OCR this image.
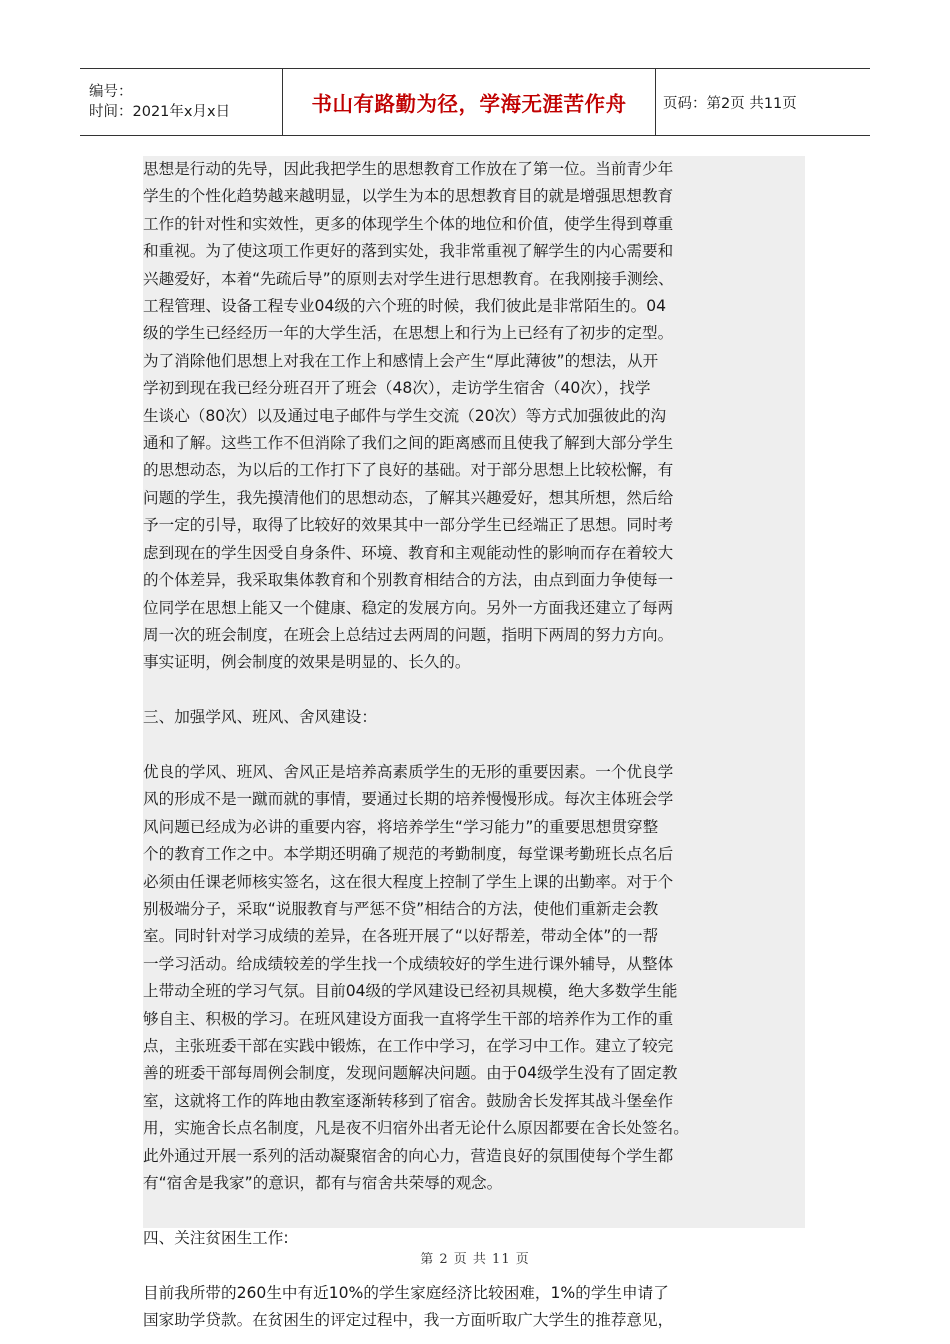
编号：
时间：2021年x月x日	书山有路勤为径，学海无涯苦作舟	页码：第2页 共11页

思想是行动的先导，因此我把学生的思想教育工作放在了第一位。当前青少年

学生的个性化趋势越来越明显，以学生为本的思想教育目的就是增强思想教育

工作的针对性和实效性，更多的体现学生个体的地位和价值，使学生得到尊重

和重视。为了使这项工作更好的落到实处，我非常重视了解学生的内心需要和

兴趣爱好，本着“先疏后导”的原则去对学生进行思想教育。在我刚接手测绘、

工程管理、设备工程专业04级的六个班的时候，我们彼此是非常陌生的。04

级的学生已经经历一年的大学生活，在思想上和行为上已经有了初步的定型。

为了消除他们思想上对我在工作上和感情上会产生“厚此薄彼”的想法，从开

学初到现在我已经分班召开了班会（48次），走访学生宿舍（40次），找学

生谈心（80次）以及通过电子邮件与学生交流（20次）等方式加强彼此的沟

通和了解。这些工作不但消除了我们之间的距离感而且使我了解到大部分学生

的思想动态，为以后的工作打下了良好的基础。对于部分思想上比较松懈，有

问题的学生，我先摸清他们的思想动态，了解其兴趣爱好，想其所想，然后给

予一定的引导，取得了比较好的效果其中一部分学生已经端正了思想。同时考

虑到现在的学生因受自身条件、环境、教育和主观能动性的影响而存在着较大

的个体差异，我采取集体教育和个别教育相结合的方法，由点到面力争使每一

位同学在思想上能又一个健康、稳定的发展方向。另外一方面我还建立了每两

周一次的班会制度，在班会上总结过去两周的问题，指明下两周的努力方向。

事实证明，例会制度的效果是明显的、长久的。

三、加强学风、班风、舍风建设：

优良的学风、班风、舍风正是培养高素质学生的无形的重要因素。一个优良学

风的形成不是一蹴而就的事情，要通过长期的培养慢慢形成。每次主体班会学

风问题已经成为必讲的重要内容，将培养学生“学习能力”的重要思想贯穿整

个的教育工作之中。本学期还明确了规范的考勤制度，每堂课考勤班长点名后

必须由任课老师核实签名，这在很大程度上控制了学生上课的出勤率。对于个

别极端分子，采取“说服教育与严惩不贷”相结合的方法，使他们重新走会教

室。同时针对学习成绩的差异，在各班开展了“以好帮差，带动全体”的一帮

一学习活动。给成绩较差的学生找一个成绩较好的学生进行课外辅导，从整体

上带动全班的学习气氛。目前04级的学风建设已经初具规模，绝大多数学生能

够自主、积极的学习。在班风建设方面我一直将学生干部的培养作为工作的重

点，主张班委干部在实践中锻炼，在工作中学习，在学习中工作。建立了较完

善的班委干部每周例会制度，发现问题解决问题。由于04级学生没有了固定教

室，这就将工作的阵地由教室逐渐转移到了宿舍。鼓励舍长发挥其战斗堡垒作

用，实施舍长点名制度，凡是夜不归宿外出者无论什么原因都要在舍长处签名。

此外通过开展一系列的活动凝聚宿舍的向心力，营造良好的氛围使每个学生都

有“宿舍是我家”的意识，都有与宿舍共荣辱的观念。

四、关注贫困生工作:

目前我所带的260生中有近10%的学生家庭经济比较困难，1%的学生申请了

国家助学贷款。在贫困生的评定过程中，我一方面听取广大学生的推荐意见，

第 2 页 共 11 页
